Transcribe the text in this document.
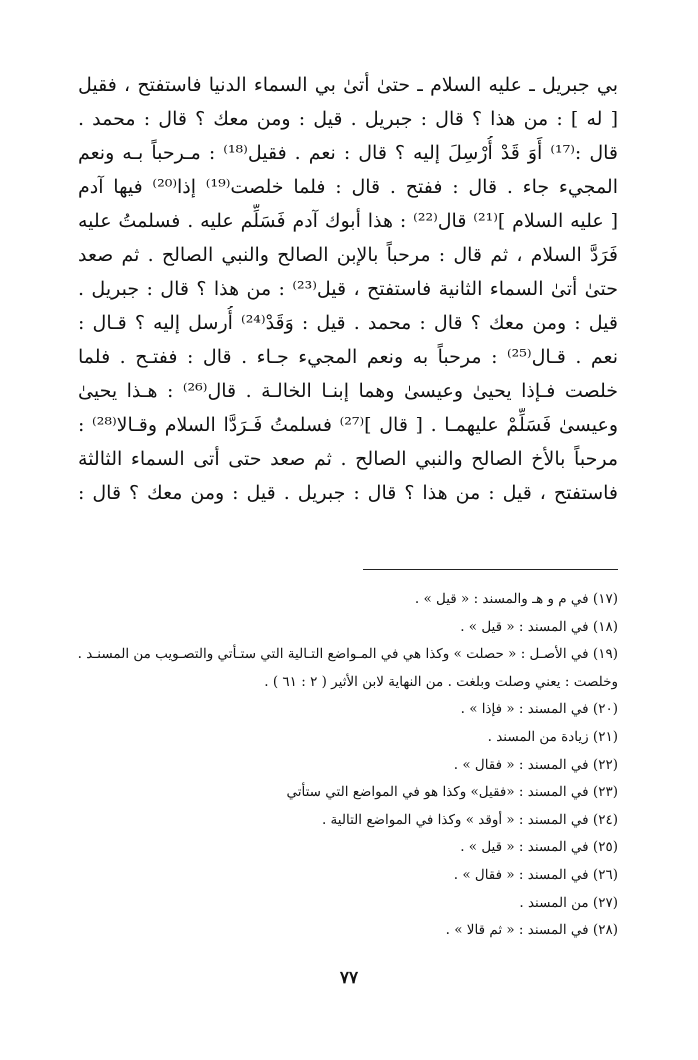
بي جبريل ـ عليه السلام ـ حتىٰ أتىٰ بي السماء الدنيا فاستفتح ، فقيل
[ له ] : من هذا ؟ قال : جبريل . قيل : ومن معك ؟ قال : محمد .
قال :⁽¹⁷⁾ أَوَ قَدْ أُرْسِلَ إليه ؟ قال : نعم . فقيل⁽¹⁸⁾ : مـرحباً بـه ونعم
المجيء جاء . قال : ففتح . قال : فلما خلصت⁽¹⁹⁾ إذا⁽²⁰⁾ فيها آدم
[ عليه السلام ]⁽²¹⁾ قال⁽²²⁾ : هذا أبوك آدم فَسَلِّم عليه . فسلمتُ عليه
فَرَدَّ السلام ، ثم قال : مرحباً بالإبن الصالح والنبي الصالح . ثم صعد
حتىٰ أتىٰ السماء الثانية فاستفتح ، قيل⁽²³⁾ : من هذا ؟ قال : جبريل .
قيل : ومن معك ؟ قال : محمد . قيل : وَقَدْ⁽²⁴⁾ أُرسل إليه ؟ قـال :
نعم . قـال⁽²⁵⁾ : مرحباً به ونعم المجيء جـاء . قال : ففتـح . فلما
خلصت فـإذا يحيىٰ وعيسىٰ وهما إبنـا الخالـة . قال⁽²⁶⁾ : هـذا يحيىٰ
وعيسىٰ فَسَلِّمْ عليهمـا . [ قال ]⁽²⁷⁾ فسلمتُ فَـرَدَّا السلام وقـالا⁽²⁸⁾ :
مرحباً بالأخ الصالح والنبي الصالح . ثم صعد حتى أتى السماء الثالثة
فاستفتح ، قيل : من هذا ؟ قال : جبريل . قيل : ومن معك ؟ قال :
(١٧) في م و هـ والمسند : « قيل » .
(١٨) في المسند : « قيل » .
(١٩) في الأصـل : « حصلت » وكذا هي في المـواضع التـالية التي ستـأتي والتصـويب من المسنـد .
وخلصت : يعني وصلت وبلغت . من النهاية لابن الأثير ( ٢ : ٦١ ) .
(٢٠) في المسند : « فإذا » .
(٢١) زيادة من المسند .
(٢٢) في المسند : « فقال » .
(٢٣) في المسند : «فقيل» وكذا هو في المواضع التي ستأتي
(٢٤) في المسند : « أوقد » وكذا في المواضع التالية .
(٢٥) في المسند : « قيل » .
(٢٦) في المسند : « فقال » .
(٢٧) من المسند .
(٢٨) في المسند : « ثم قالا » .
٧٧
